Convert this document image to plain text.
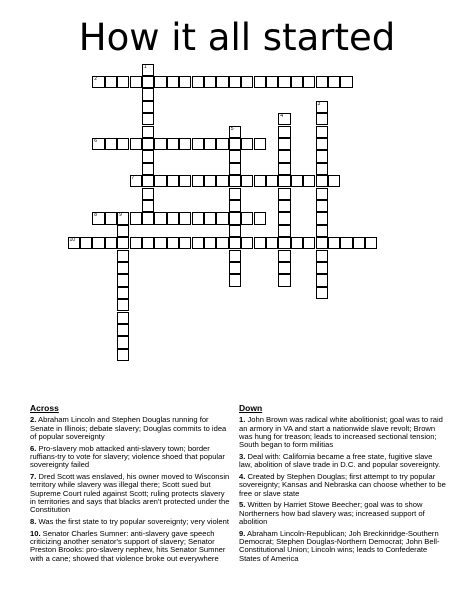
How it all started
1
2
3
4
5
6
7
8	9
10
Across
2. Abraham Lincoln and Stephen Douglas running for Senate in Illinois; debate slavery; Douglas commits to idea of popular sovereignty
6. Pro-slavery mob attacked anti-slavery town; border ruffians-try to vote for slavery; violence shoed that popular sovereignty failed
7. Dred Scott was enslaved, his owner moved to Wisconsin territory while slavery was illegal there; Scott sued but Supreme Court ruled against Scott; ruling protects slavery in territories and says that blacks aren't protected under the Constitution
8. Was the first state to try popular sovereignty; very violent
10. Senator Charles Sumner: anti-slavery gave speech criticizing another senator's support of slavery; Senator Preston Brooks: pro-slavery nephew, hits Senator Sumner with a cane; showed that violence broke out everywhere
Down
1. John Brown was radical white abolitionist; goal was to raid an armory in VA and start a nationwide slave revolt; Brown was hung for treason; leads to increased sectional tension; South began to form militias
3. Deal with: California became a free state, fugitive slave law, abolition of slave trade in D.C. and popular sovereignty.
4. Created by Stephen Douglas; first attempt to try popular sovereignty; Kansas and Nebraska can choose whether to be free or slave state
5. Written by Harriet Stowe Beecher; goal was to show Northerners how bad slavery was; increased support of abolition
9. Abraham Lincoln-Republican; Joh Breckinridge-Southern Democrat; Stephen Douglas-Northern Democrat; John Bell- Constitutional Union; Lincoln wins; leads to Confederate States of America
